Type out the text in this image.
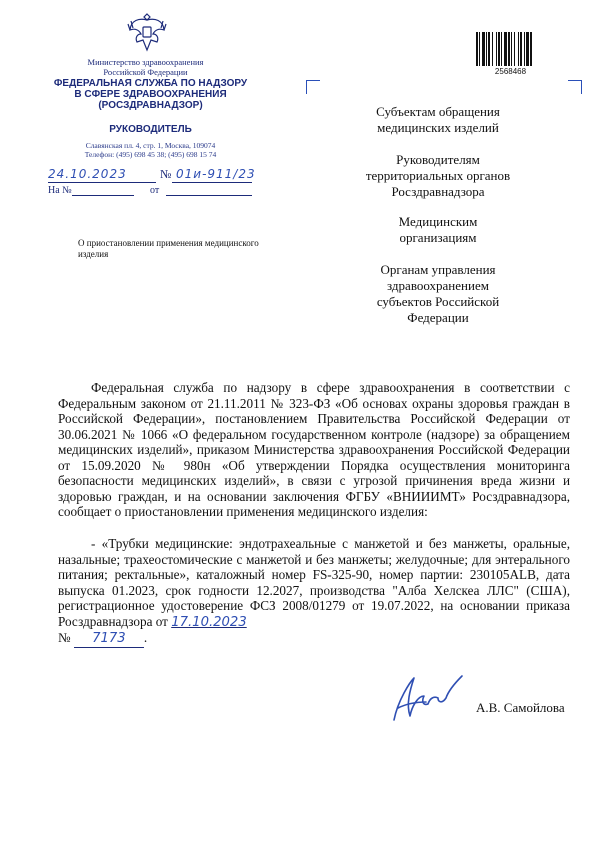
Министерство здравоохранения
Российской Федерации
ФЕДЕРАЛЬНАЯ СЛУЖБА ПО НАДЗОРУ
В СФЕРЕ ЗДРАВООХРАНЕНИЯ
(РОСЗДРАВНАДЗОР)
РУКОВОДИТЕЛЬ
Славянская пл. 4, стр. 1, Москва, 109074
Телефон: (495) 698 45 38; (495) 698 15 74
24.10.2023	№ 01и-911/23
На №	от
О приостановлении применения медицинского изделия
2568468
Субъектам обращения медицинских изделий
Руководителям территориальных органов Росздравнадзора
Медицинским организациям
Органам управления здравоохранением субъектов Российской Федерации

Федеральная служба по надзору в сфере здравоохранения в соответствии с Федеральным законом от 21.11.2011 № 323-ФЗ «Об основах охраны здоровья граждан в Российской Федерации», постановлением Правительства Российской Федерации от 30.06.2021 № 1066 «О федеральном государственном контроле (надзоре) за обращением медицинских изделий», приказом Министерства здравоохранения Российской Федерации от 15.09.2020 № 980н «Об утверждении Порядка осуществления мониторинга безопасности медицинских изделий», в связи с угрозой причинения вреда жизни и здоровью граждан, и на основании заключения ФГБУ «ВНИИИМТ» Росздравнадзора, сообщает о приостановлении применения медицинского изделия:

- «Трубки медицинские: эндотрахеальные с манжетой и без манжеты, оральные, назальные; трахеостомические с манжетой и без манжеты; желудочные; для энтерального питания; ректальные», каталожный номер FS-325-90, номер партии: 230105ALB, дата выпуска 01.2023, срок годности 12.2027, производства "Алба Хелскеа ЛЛС" (США), регистрационное удостоверение ФСЗ 2008/01279 от 19.07.2022, на основании приказа Росздравнадзора от 17.10.2023

№ 7173 .
А.В. Самойлова
